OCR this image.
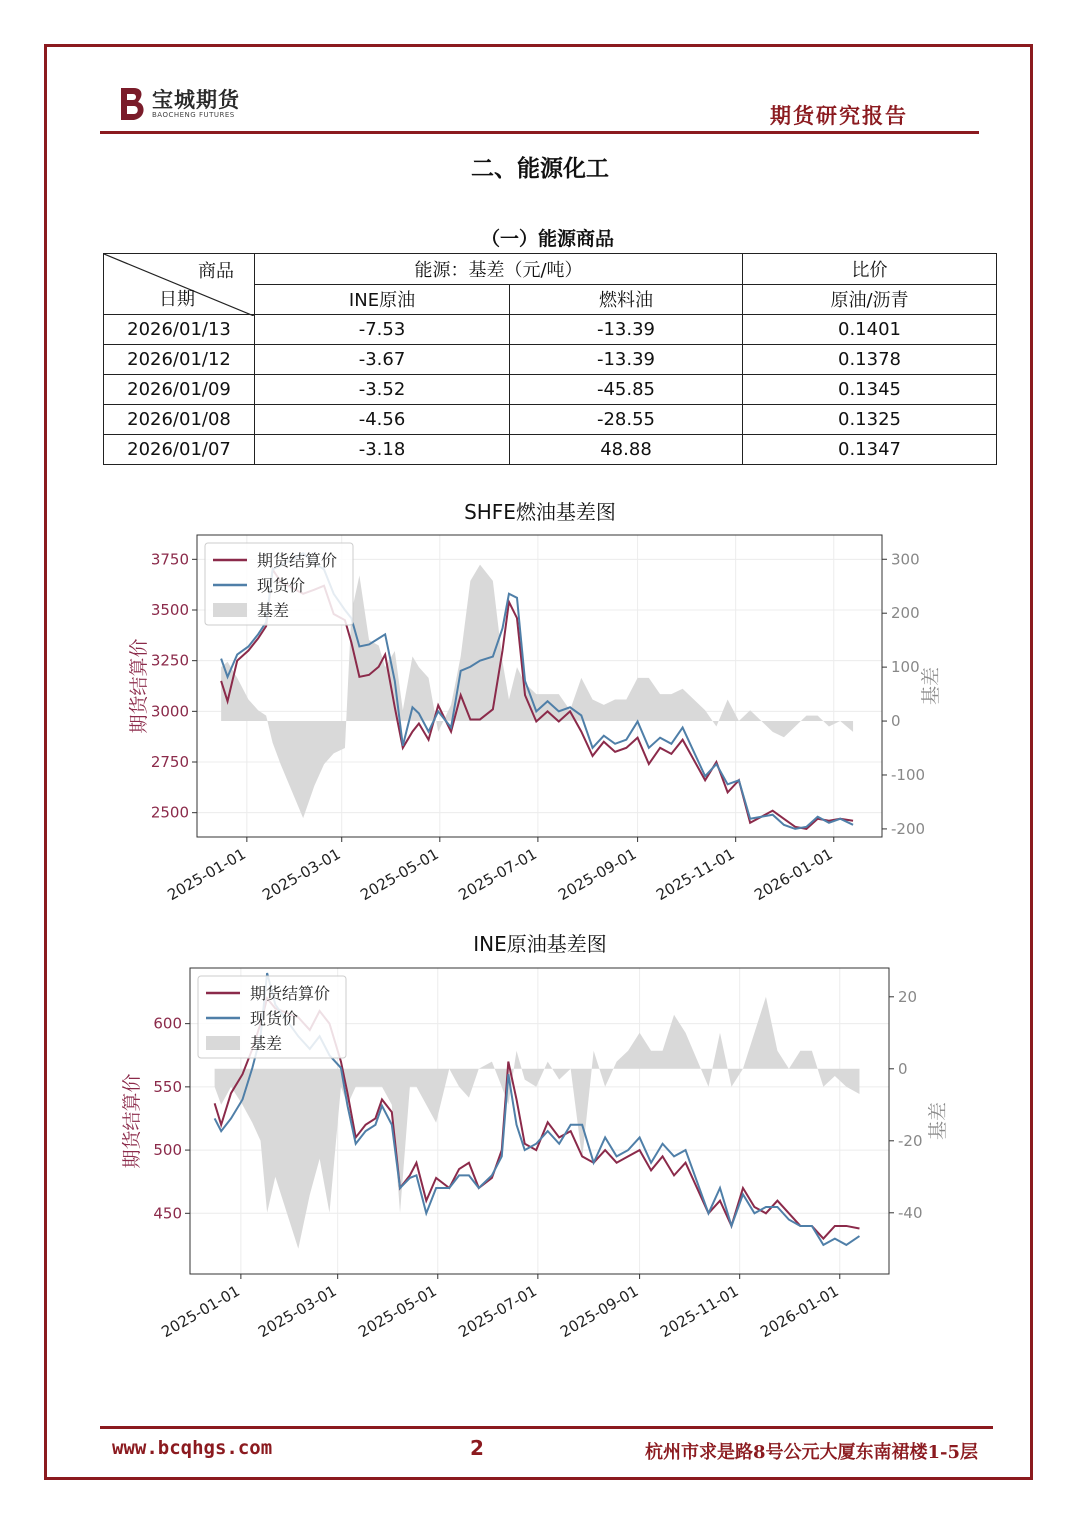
宝城期货
BAOCHENG FUTURES	期货研究报告
二、能源化工
（一）能源商品
商品
日期	能源：基差（元/吨）		比价
	INE原油	燃料油	原油/沥青
2026/01/13	-7.53	-13.39	0.1401
2026/01/12	-3.67	-13.39	0.1378
2026/01/09	-3.52	-45.85	0.1345
2026/01/08	-4.56	-28.55	0.1325
2026/01/07	-3.18	48.88	0.1347
SHFE燃油基差图
2500
2750
3000
3250
3500
3750
-200
-100
0
100
200
300
2025-01-01 2025-03-01 2025-05-01 2025-07-01 2025-09-01 2025-11-01 2026-01-01
期货结算价	基差
期货结算价
现货价
基差
INE原油基差图
450
500
550
600
-40
-20
0
20
2025-01-01 2025-03-01 2025-05-01 2025-07-01 2025-09-01 2025-11-01 2026-01-01
期货结算价	基差
期货结算价
现货价
基差
www.bcqhgs.com	2	杭州市求是路8号公元大厦东南裙楼1-5层
